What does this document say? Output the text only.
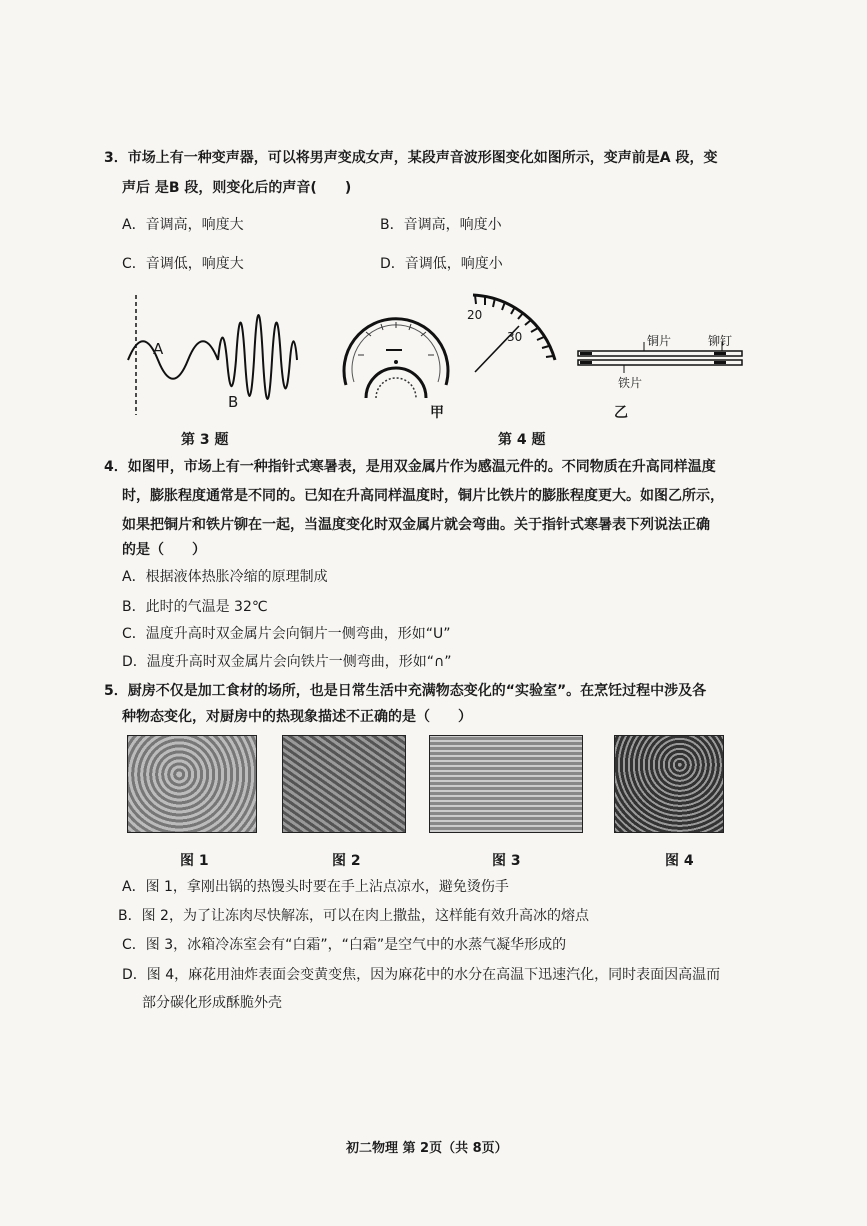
3．市场上有一种变声器，可以将男声变成女声，某段声音波形图变化如图所示，变声前是A 段，变
声后 是B 段，则变化后的声音(　　)
A．音调高，响度大	B．音调高，响度小
C．音调低，响度大	D．音调低，响度小
A
B
甲
20
30	铜片	铆钉
铁片
乙
第 3 题	第 4 题
4．如图甲，市场上有一种指针式寒暑表，是用双金属片作为感温元件的。不同物质在升高同样温度
时，膨胀程度通常是不同的。已知在升高同样温度时，铜片比铁片的膨胀程度更大。如图乙所示，
如果把铜片和铁片铆在一起，当温度变化时双金属片就会弯曲。关于指针式寒暑表下列说法正确
的是（　　）
A．根据液体热胀冷缩的原理制成
B．此时的气温是 32℃
C．温度升高时双金属片会向铜片一侧弯曲，形如“U”
D．温度升高时双金属片会向铁片一侧弯曲，形如“∩”
5．厨房不仅是加工食材的场所，也是日常生活中充满物态变化的“实验室”。在烹饪过程中涉及各
种物态变化，对厨房中的热现象描述不正确的是（　　）
图 1	图 2	图 3	图 4
A．图 1，拿刚出锅的热馒头时要在手上沾点凉水，避免烫伤手
B．图 2，为了让冻肉尽快解冻，可以在肉上撒盐，这样能有效升高冰的熔点
C．图 3，冰箱冷冻室会有“白霜”，“白霜”是空气中的水蒸气凝华形成的
D．图 4，麻花用油炸表面会变黄变焦，因为麻花中的水分在高温下迅速汽化，同时表面因高温而
部分碳化形成酥脆外壳
初二物理 第 2页（共 8页）
